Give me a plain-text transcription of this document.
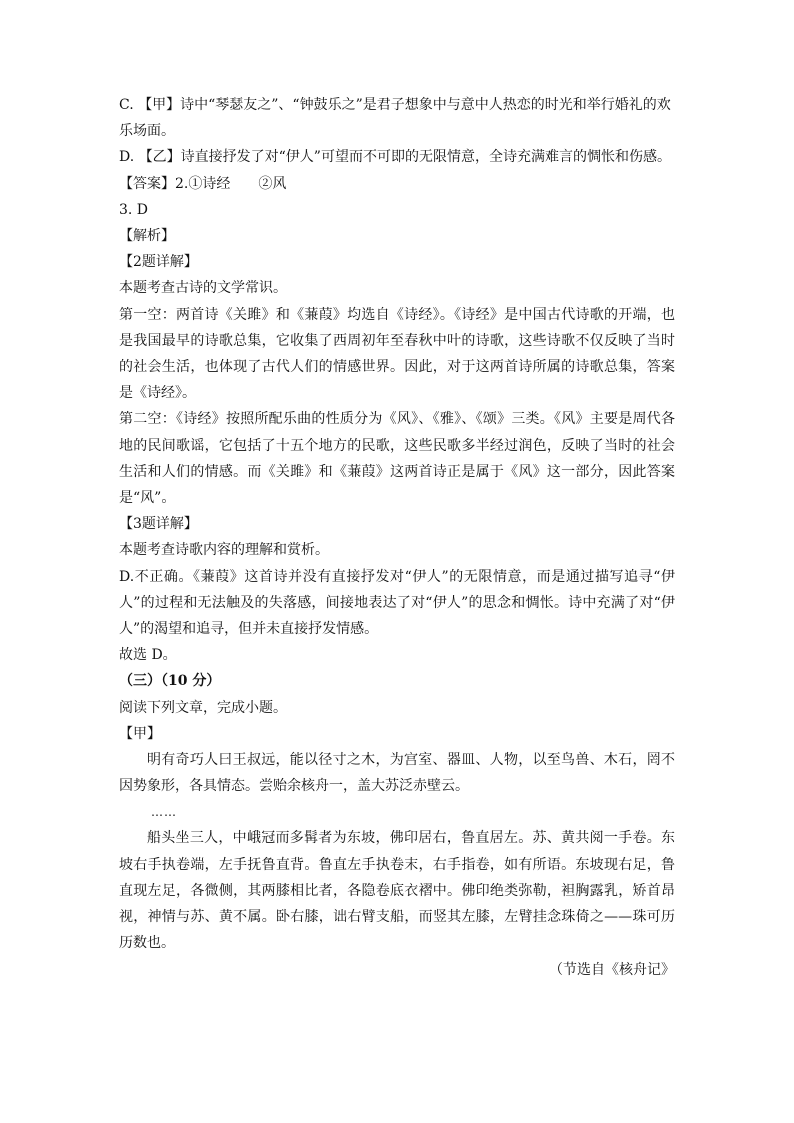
C. 【甲】诗中“琴瑟友之”、“钟鼓乐之”是君子想象中与意中人热恋的时光和举行婚礼的欢

乐场面。

D. 【乙】诗直接抒发了对“伊人”可望而不可即的无限情意，全诗充满难言的惆怅和伤感。

【答案】2.①诗经 ②风

3. D

【解析】

【2题详解】

本题考查古诗的文学常识。

第一空：两首诗《关雎》和《蒹葭》均选自《诗经》。《诗经》是中国古代诗歌的开端，也是我国最早的诗歌总集，它收集了西周初年至春秋中叶的诗歌，这些诗歌不仅反映了当时的社会生活，也体现了古代人们的情感世界。因此，对于这两首诗所属的诗歌总集，答案是《诗经》。

第二空：《诗经》按照所配乐曲的性质分为《风》、《雅》、《颂》三类。《风》主要是周代各地的民间歌谣，它包括了十五个地方的民歌，这些民歌多半经过润色，反映了当时的社会生活和人们的情感。而《关雎》和《蒹葭》这两首诗正是属于《风》这一部分，因此答案是“风”。

【3题详解】

本题考查诗歌内容的理解和赏析。

D.不正确。《蒹葭》这首诗并没有直接抒发对“伊人”的无限情意，而是通过描写追寻“伊人”的过程和无法触及的失落感，间接地表达了对“伊人”的思念和惆怅。诗中充满了对“伊人”的渴望和追寻，但并未直接抒发情感。

故选 D。

（三）（10 分）

阅读下列文章，完成小题。

【甲】

明有奇巧人曰王叔远，能以径寸之木，为宫室、器皿、人物，以至鸟兽、木石，罔不因势象形，各具情态。尝贻余核舟一，盖大苏泛赤壁云。

……

船头坐三人，中峨冠而多髯者为东坡，佛印居右，鲁直居左。苏、黄共阅一手卷。东坡右手执卷端，左手抚鲁直背。鲁直左手执卷末，右手指卷，如有所语。东坡现右足，鲁直现左足，各微侧，其两膝相比者，各隐卷底衣褶中。佛印绝类弥勒，袒胸露乳，矫首昂视，神情与苏、黄不属。卧右膝，诎右臂支船，而竖其左膝，左臂挂念珠倚之——珠可历历数也。

（节选自《核舟记》
